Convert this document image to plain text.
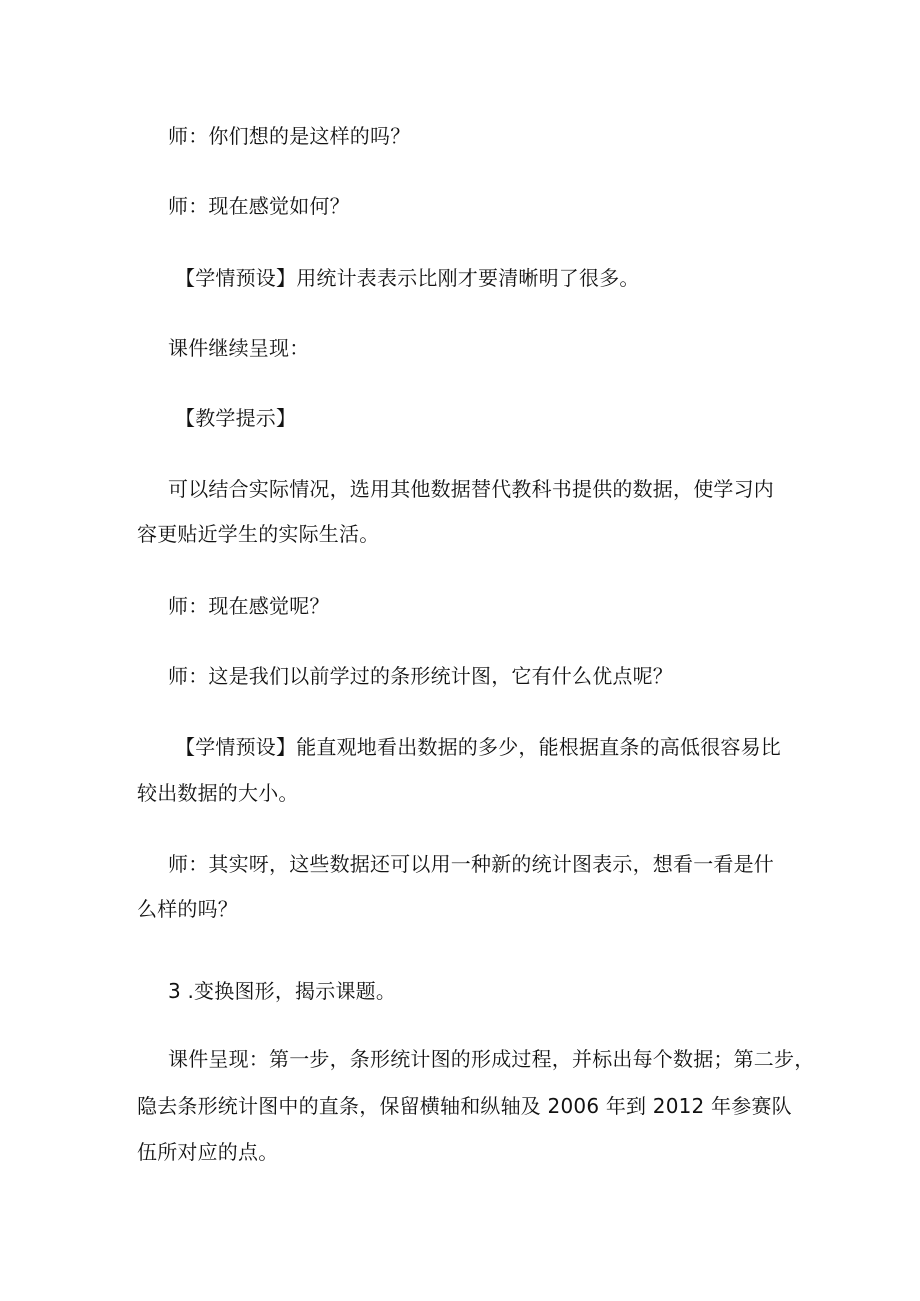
师：你们想的是这样的吗？
师：现在感觉如何？
【学情预设】用统计表表示比刚才要清晰明了很多。
课件继续呈现：
【教学提示】
可以结合实际情况，选用其他数据替代教科书提供的数据，使学习内
容更贴近学生的实际生活。
师：现在感觉呢？
师：这是我们以前学过的条形统计图，它有什么优点呢？
【学情预设】能直观地看出数据的多少，能根据直条的高低很容易比
较出数据的大小。
师：其实呀，这些数据还可以用一种新的统计图表示，想看一看是什
么样的吗？
3 .变换图形，揭示课题。
课件呈现：第一步，条形统计图的形成过程，并标出每个数据；第二步，
隐去条形统计图中的直条，保留横轴和纵轴及 2006 年到 2012 年参赛队
伍所对应的点。
